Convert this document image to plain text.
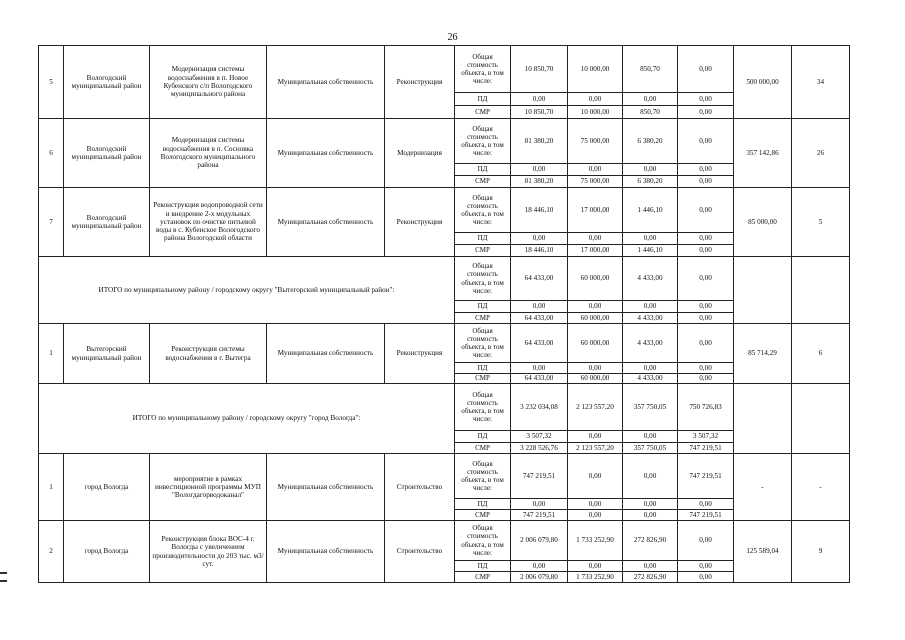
26
5	Вологодский муниципальный район	Модернизация системы водоснабжения в п. Новое Кубенского с/п Вологодского муниципального района	Муниципальная собственность	Реконструкция	Общая стоимость объекта, в том числе:	10 850,70	10 000,00	850,70	0,00	500 000,00	34
					ПД	0,00	0,00	0,00	0,00		
					СМР	10 850,70	10 000,00	850,70	0,00		
6	Вологодский муниципальный район	Модернизация системы водоснабжения в п. Сосновка Вологодского муниципального района	Муниципальная собственность	Модернизация	Общая стоимость объекта, в том числе:	81 380,20	75 000,00	6 380,20	0,00	357 142,86	26
					ПД	0,00	0,00	0,00	0,00		
					СМР	81 380,20	75 000,00	6 380,20	0,00		
7	Вологодский муниципальный район	Реконструкция водопроводной сети и внедрение 2-х модульных установок по очистке питьевой воды в с. Кубенское Вологодского района Вологодской области	Муниципальная собственность	Реконструкция	Общая стоимость объекта, в том числе:	18 446,10	17 000,00	1 446,10	0,00	85 000,00	5
					ПД	0,00	0,00	0,00	0,00		
					СМР	18 446,10	17 000,00	1 446,10	0,00		
ИТОГО по муниципальному району / городскому округу "Вытегорский муниципальный район":					Общая стоимость объекта, в том числе:	64 433,00	60 000,00	4 433,00	0,00		
					ПД	0,00	0,00	0,00	0,00		
					СМР	64 433,00	60 000,00	4 433,00	0,00		
1	Вытегорский муниципальный район	Реконструкция системы водоснабжения в г. Вытегра	Муниципальная собственность	Реконструкция	Общая стоимость объекта, в том числе:	64 433,00	60 000,00	4 433,00	0,00	85 714,29	6
					ПД	0,00	0,00	0,00	0,00		
					СМР	64 433,00	60 000,00	4 433,00	0,00		
ИТОГО по муниципальному району / городскому округу "город Вологда":					Общая стоимость объекта, в том числе:	3 232 034,08	2 123 557,20	357 750,05	750 726,83		
					ПД	3 507,32	0,00	0,00	3 507,32		
					СМР	3 228 526,76	2 123 557,20	357 750,05	747 219,51		
1	город Вологда	мероприятие в рамках инвестиционной программы МУП "Вологдагорводоканал"	Муниципальная собственность	Строительство	Общая стоимость объекта, в том числе:	747 219,51	0,00	0,00	747 219,51	-	-
					ПД	0,00	0,00	0,00	0,00		
					СМР	747 219,51	0,00	0,00	747 219,51		
2	город Вологда	Реконструкция блока ВОС-4 г. Вологды с увеличением производительности до 203 тыс. м3/сут.	Муниципальная собственность	Строительство	Общая стоимость объекта, в том числе:	2 006 079,80	1 733 252,90	272 826,90	0,00	125 589,04	9
					ПД	0,00	0,00	0,00	0,00		
					СМР	2 006 079,80	1 733 252,90	272 826,90	0,00		
